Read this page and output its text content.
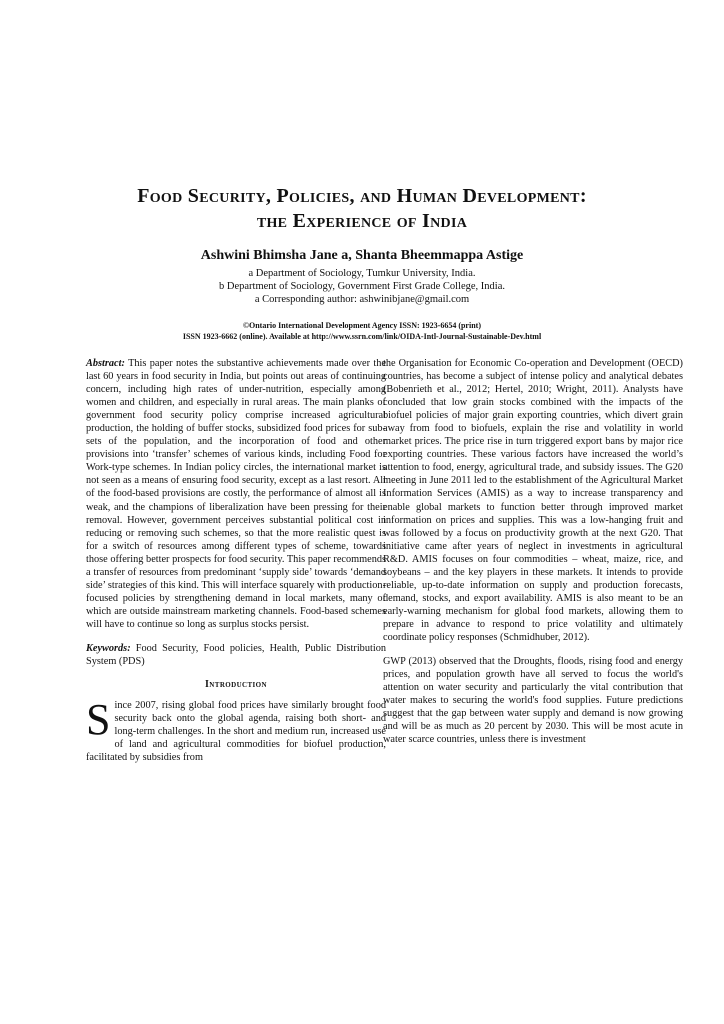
Food Security, Policies, and Human Development:
the Experience of India

Ashwini Bhimsha Jane a, Shanta Bheemmappa Astige

a Department of Sociology, Tumkur University, India.

b Department of Sociology, Government First Grade College, India.

a Corresponding author: ashwinibjane@gmail.com

©Ontario International Development Agency ISSN: 1923-6654 (print)
ISSN 1923-6662 (online). Available at http://www.ssrn.com/link/OIDA-Intl-Journal-Sustainable-Dev.html

Abstract: This paper notes the substantive achievements made over the last 60 years in food security in India, but points out areas of continuing concern, including high rates of under-nutrition, especially among women and children, and especially in rural areas. The main planks of government food security policy comprise increased agricultural production, the holding of buffer stocks, subsidized food prices for sub-sets of the population, and the incorporation of food and other provisions into ‘transfer’ schemes of various kinds, including Food for Work-type schemes. In Indian policy circles, the international market is not seen as a means of ensuring food security, except as a last resort. All of the food-based provisions are costly, the performance of almost all is weak, and the champions of liberalization have been pressing for their removal. However, government perceives substantial political cost in reducing or removing such schemes, so that the more realistic quest is for a switch of resources among different types of scheme, towards those offering better prospects for food security. This paper recommends a transfer of resources from predominant ‘supply side’ towards ‘demand side’ strategies of this kind. This will interface squarely with production-focused policies by strengthening demand in local markets, many of which are outside mainstream marketing channels. Food-based schemes will have to continue so long as surplus stocks persist.

Keywords: Food Security, Food policies, Health, Public Distribution System (PDS)

Introduction

Since 2007, rising global food prices have similarly brought food security back onto the global agenda, raising both short- and long-term challenges. In the short and medium run, increased use of land and agricultural commodities for biofuel production, facilitated by subsidies from

the Organisation for Economic Co-operation and Development (OECD) countries, has become a subject of intense policy and analytical debates (Bobenrieth et al., 2012; Hertel, 2010; Wright, 2011). Analysts have concluded that low grain stocks combined with the impacts of the biofuel policies of major grain exporting countries, which divert grain away from food to biofuels, explain the rise and volatility in world market prices. The price rise in turn triggered export bans by major rice exporting countries. These various factors have increased the world’s attention to food, energy, agricultural trade, and subsidy issues. The G20 meeting in June 2011 led to the establishment of the Agricultural Market Information Services (AMIS) as a way to increase transparency and enable global markets to function better through improved market information on prices and supplies. This was a low-hanging fruit and was followed by a focus on productivity growth at the next G20. That initiative came after years of neglect in investments in agricultural R&D. AMIS focuses on four commodities – wheat, maize, rice, and soybeans – and the key players in these markets. It intends to provide reliable, up-to-date information on supply and production forecasts, demand, stocks, and export availability. AMIS is also meant to be an early-warning mechanism for global food markets, allowing them to prepare in advance to respond to price volatility and ultimately coordinate policy responses (Schmidhuber, 2012).

GWP (2013) observed that the Droughts, floods, rising food and energy prices, and population growth have all served to focus the world's attention on water security and particularly the vital contribution that water makes to securing the world's food supplies. Future predictions suggest that the gap between water supply and demand is now growing and will be as much as 20 percent by 2030. This will be most acute in water scarce countries, unless there is investment
